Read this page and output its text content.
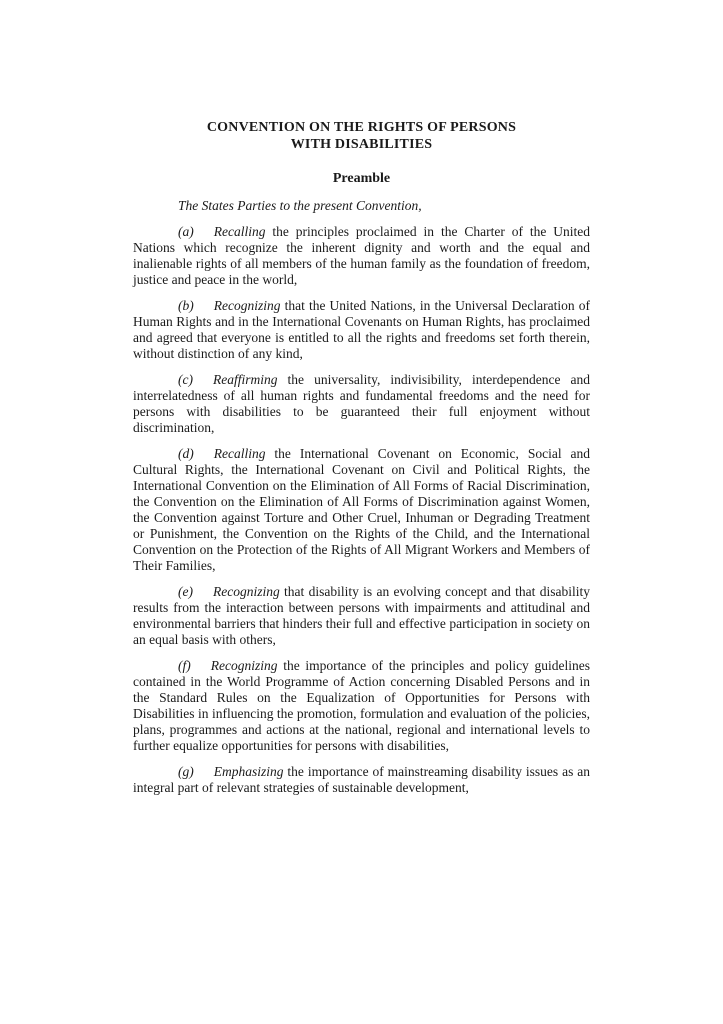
CONVENTION ON THE RIGHTS OF PERSONS
WITH DISABILITIES
Preamble

The States Parties to the present Convention,

(a) Recalling the principles proclaimed in the Charter of the United Nations which recognize the inherent dignity and worth and the equal and inalienable rights of all members of the human family as the foundation of freedom, justice and peace in the world,

(b) Recognizing that the United Nations, in the Universal Declaration of Human Rights and in the International Covenants on Human Rights, has proclaimed and agreed that everyone is entitled to all the rights and freedoms set forth therein, without distinction of any kind,

(c) Reaffirming the universality, indivisibility, interdependence and interrelatedness of all human rights and fundamental freedoms and the need for persons with disabilities to be guaranteed their full enjoyment without discrimination,

(d) Recalling the International Covenant on Economic, Social and Cultural Rights, the International Covenant on Civil and Political Rights, the International Convention on the Elimination of All Forms of Racial Discrimination, the Convention on the Elimination of All Forms of Discrimination against Women, the Convention against Torture and Other Cruel, Inhuman or Degrading Treatment or Punishment, the Convention on the Rights of the Child, and the International Convention on the Protection of the Rights of All Migrant Workers and Members of Their Families,

(e) Recognizing that disability is an evolving concept and that disability results from the interaction between persons with impairments and attitudinal and environmental barriers that hinders their full and effective participation in society on an equal basis with others,

(f) Recognizing the importance of the principles and policy guidelines contained in the World Programme of Action concerning Disabled Persons and in the Standard Rules on the Equalization of Opportunities for Persons with Disabilities in influencing the promotion, formulation and evaluation of the policies, plans, programmes and actions at the national, regional and international levels to further equalize opportunities for persons with disabilities,

(g) Emphasizing the importance of mainstreaming disability issues as an integral part of relevant strategies of sustainable development,
